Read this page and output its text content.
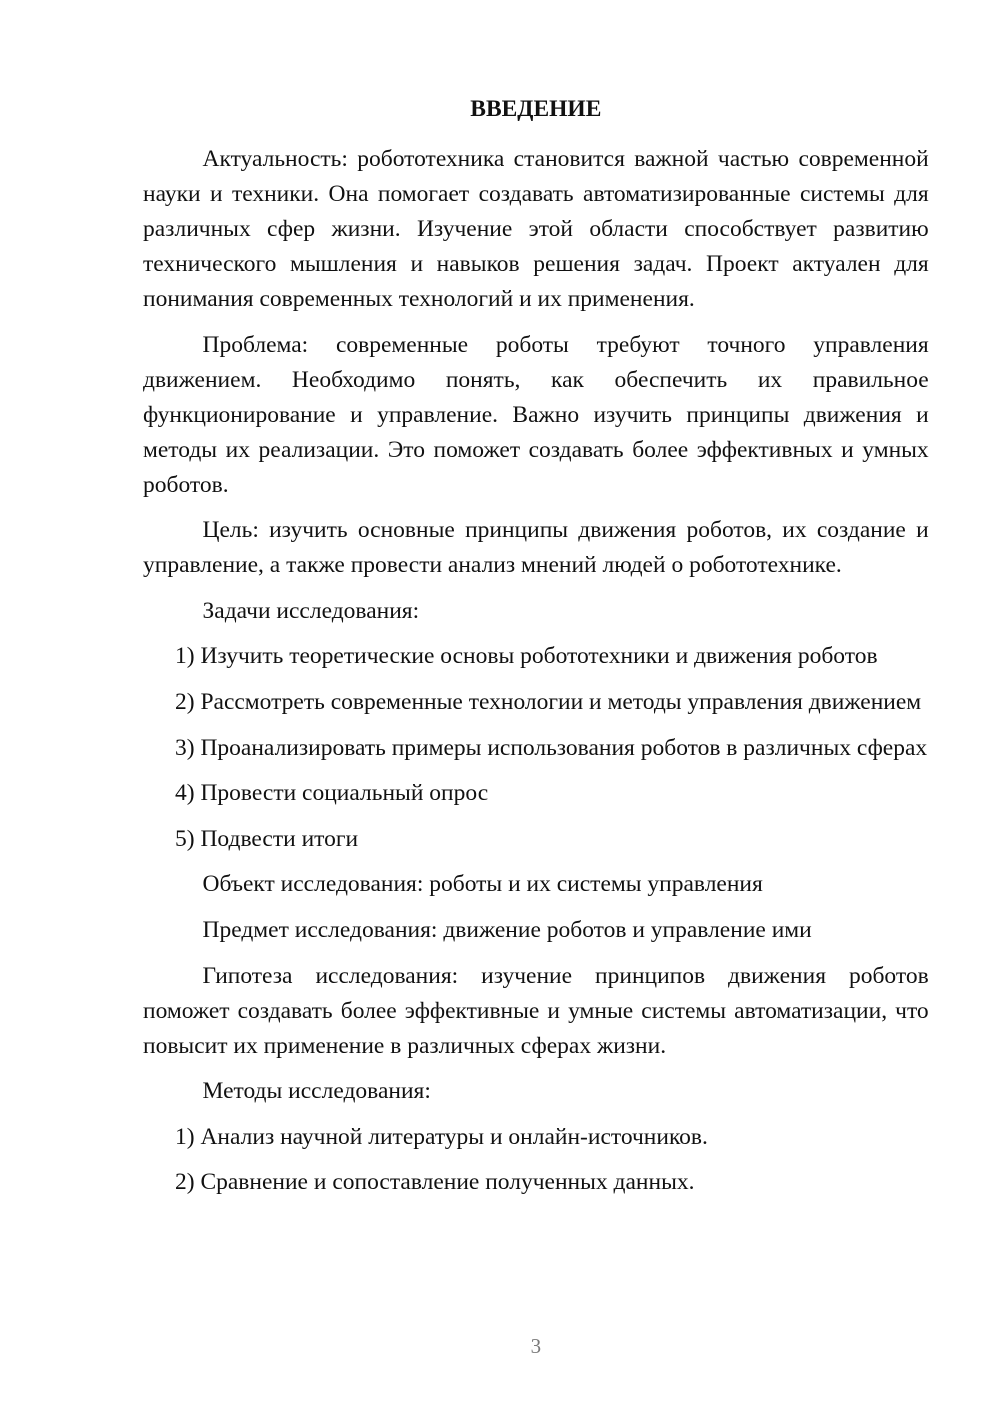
ВВЕДЕНИЕ

Актуальность: робототехника становится важной частью современной науки и техники. Она помогает создавать автоматизированные системы для различных сфер жизни. Изучение этой области способствует развитию технического мышления и навыков решения задач. Проект актуален для понимания современных технологий и их применения.

Проблема: современные роботы требуют точного управления движением. Необходимо понять, как обеспечить их правильное функционирование и управление. Важно изучить принципы движения и методы их реализации. Это поможет создавать более эффективных и умных роботов.

Цель: изучить основные принципы движения роботов, их создание и управление, а также провести анализ мнений людей о робототехнике.

Задачи исследования:

1) Изучить теоретические основы робототехники и движения роботов

2) Рассмотреть современные технологии и методы управления движением

3) Проанализировать примеры использования роботов в различных сферах

4) Провести социальный опрос

5) Подвести итоги

Объект исследования: роботы и их системы управления

Предмет исследования: движение роботов и управление ими

Гипотеза исследования: изучение принципов движения роботов поможет создавать более эффективные и умные системы автоматизации, что повысит их применение в различных сферах жизни.

Методы исследования:

1) Анализ научной литературы и онлайн-источников.

2) Сравнение и сопоставление полученных данных.

3
